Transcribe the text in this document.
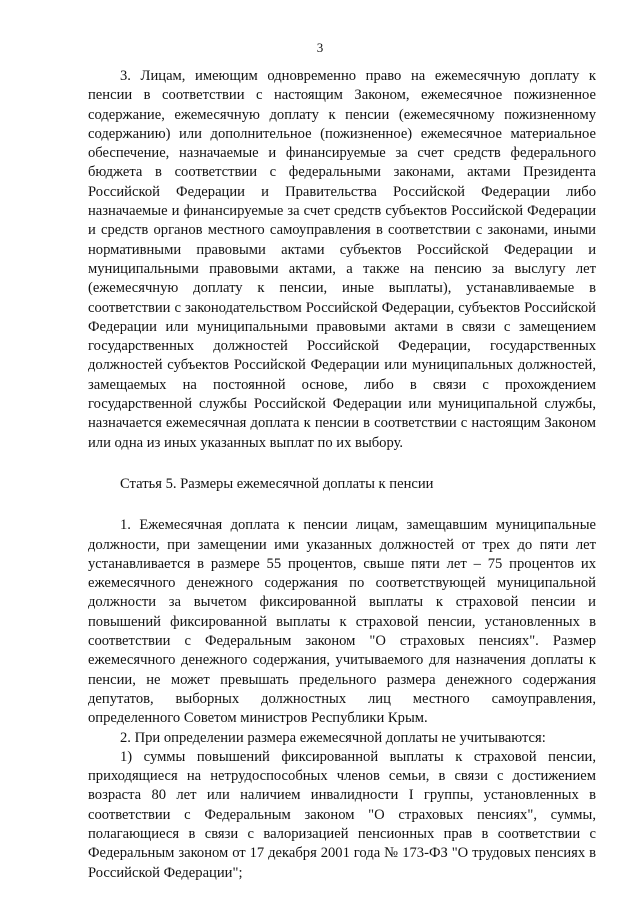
3

3. Лицам, имеющим одновременно право на ежемесячную доплату к пенсии в соответствии с настоящим Законом, ежемесячное пожизненное содержание, ежемесячную доплату к пенсии (ежемесячному пожизненному содержанию) или дополнительное (пожизненное) ежемесячное материальное обеспечение, назначаемые и финансируемые за счет средств федерального бюджета в соответствии с федеральными законами, актами Президента Российской Федерации и Правительства Российской Федерации либо назначаемые и финансируемые за счет средств субъектов Российской Федерации и средств органов местного самоуправления в соответствии с законами, иными нормативными правовыми актами субъектов Российской Федерации и муниципальными правовыми актами, а также на пенсию за выслугу лет (ежемесячную доплату к пенсии, иные выплаты), устанавливаемые в соответствии с законодательством Российской Федерации, субъектов Российской Федерации или муниципальными правовыми актами в связи с замещением государственных должностей Российской Федерации, государственных должностей субъектов Российской Федерации или муниципальных должностей, замещаемых на постоянной основе, либо в связи с прохождением государственной службы Российской Федерации или муниципальной службы, назначается ежемесячная доплата к пенсии в соответствии с настоящим Законом или одна из иных указанных выплат по их выбору.

Статья 5. Размеры ежемесячной доплаты к пенсии

1. Ежемесячная доплата к пенсии лицам, замещавшим муниципальные должности, при замещении ими указанных должностей от трех до пяти лет устанавливается в размере 55 процентов, свыше пяти лет – 75 процентов их ежемесячного денежного содержания по соответствующей муниципальной должности за вычетом фиксированной выплаты к страховой пенсии и повышений фиксированной выплаты к страховой пенсии, установленных в соответствии с Федеральным законом "О страховых пенсиях". Размер ежемесячного денежного содержания, учитываемого для назначения доплаты к пенсии, не может превышать предельного размера денежного содержания депутатов, выборных должностных лиц местного самоуправления, определенного Советом министров Республики Крым.

2. При определении размера ежемесячной доплаты не учитываются:

1) суммы повышений фиксированной выплаты к страховой пенсии, приходящиеся на нетрудоспособных членов семьи, в связи с достижением возраста 80 лет или наличием инвалидности I группы, установленных в соответствии с Федеральным законом "О страховых пенсиях", суммы, полагающиеся в связи с валоризацией пенсионных прав в соответствии с Федеральным законом от 17 декабря 2001 года № 173-ФЗ "О трудовых пенсиях в Российской Федерации";
